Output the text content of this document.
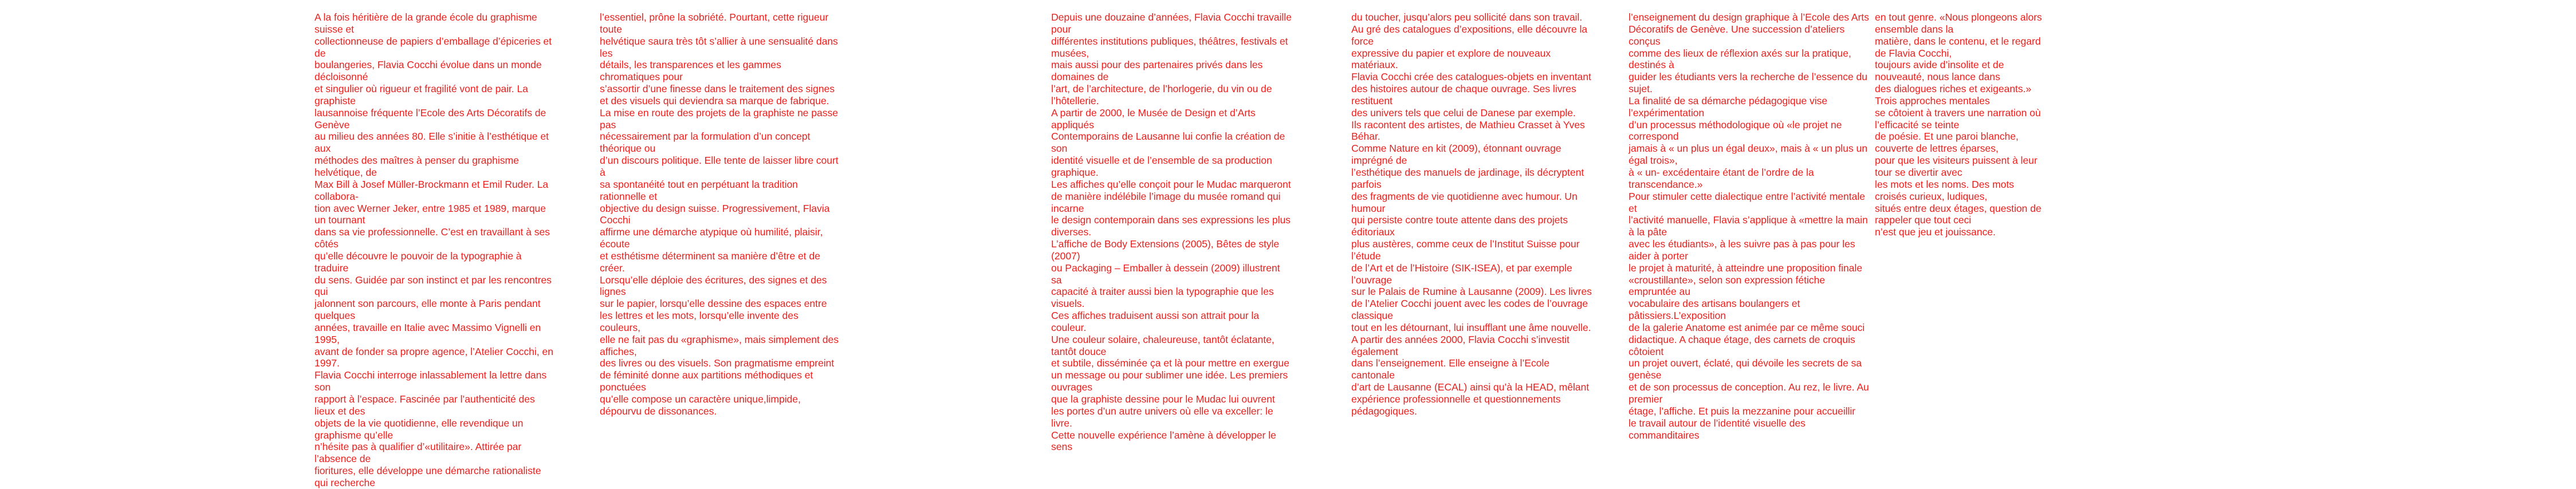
A la fois héritière de la grande école du graphisme suisse et
collectionneuse de papiers d’emballage d’épiceries et de
boulangeries, Flavia Cocchi évolue dans un monde décloisonné
et singulier où rigueur et fragilité vont de pair. La graphiste
lausannoise fréquente l’Ecole des Arts Décoratifs de Genève
au milieu des années 80. Elle s’initie à l’esthétique et aux
méthodes des maîtres à penser du graphisme helvétique, de
Max Bill à Josef Müller-Brockmann et Emil Ruder. La collabora-
tion avec Werner Jeker, entre 1985 et 1989, marque un tournant
dans sa vie professionnelle. C’est en travaillant à ses côtés
qu’elle découvre le pouvoir de la typographie à traduire
du sens. Guidée par son instinct et par les rencontres qui
jalonnent son parcours, elle monte à Paris pendant quelques
années, travaille en Italie avec Massimo Vignelli en 1995,
avant de fonder sa propre agence, l’Atelier Cocchi, en 1997.
Flavia Cocchi interroge inlassablement la lettre dans son
rapport à l’espace. Fascinée par l’authenticité des lieux et des
objets de la vie quotidienne, elle revendique un graphisme qu’elle
n’hésite pas à qualifier d’«utilitaire». Attirée par l’absence de
fioritures, elle développe une démarche rationaliste qui recherche

l’essentiel, prône la sobriété. Pourtant, cette rigueur toute
helvétique saura très tôt s’allier à une sensualité dans les
détails, les transparences et les gammes chromatiques pour
s’assortir d’une finesse dans le traitement des signes
et des visuels qui deviendra sa marque de fabrique.
La mise en route des projets de la graphiste ne passe pas
nécessairement par la formulation d’un concept théorique ou
d’un discours politique. Elle tente de laisser libre court à
sa spontanéité tout en perpétuant la tradition rationnelle et
objective du design suisse. Progressivement, Flavia Cocchi
affirme une démarche atypique où humilité, plaisir, écoute
et esthétisme déterminent sa manière d’être et de créer.
Lorsqu’elle déploie des écritures, des signes et des lignes
sur le papier, lorsqu’elle dessine des espaces entre
les lettres et les mots, lorsqu’elle invente des couleurs,
elle ne fait pas du «graphisme», mais simplement des affiches,
des livres ou des visuels. Son pragmatisme empreint
de féminité donne aux partitions méthodiques et ponctuées
qu’elle compose un caractère unique,limpide,
dépourvu de dissonances.

Depuis une douzaine d’années, Flavia Cocchi travaille pour
différentes institutions publiques, théâtres, festivals et musées,
mais aussi pour des partenaires privés dans les domaines de
l’art, de l’architecture, de l’horlogerie, du vin ou de l’hôtellerie.
A partir de 2000, le Musée de Design et d’Arts appliqués
Contemporains de Lausanne lui confie la création de son
identité visuelle et de l’ensemble de sa production graphique.
Les affiches qu’elle conçoit pour le Mudac marqueront
de manière indélébile l’image du musée romand qui incarne
le design contemporain dans ses expressions les plus diverses.
L’affiche de Body Extensions (2005), Bêtes de style (2007)
ou Packaging – Emballer à dessein (2009) illustrent sa
capacité à traiter aussi bien la typographie que les visuels.
Ces affiches traduisent aussi son attrait pour la couleur.
Une couleur solaire, chaleureuse, tantôt éclatante, tantôt douce
et subtile, disséminée ça et là pour mettre en exergue
un message ou pour sublimer une idée. Les premiers ouvrages
que la graphiste dessine pour le Mudac lui ouvrent
les portes d’un autre univers où elle va exceller: le livre.
Cette nouvelle expérience l’amène à développer le sens

du toucher, jusqu’alors peu sollicité dans son travail.
Au gré des catalogues d’expositions, elle découvre la force
expressive du papier et explore de nouveaux matériaux.
Flavia Cocchi crée des catalogues-objets en inventant
des histoires autour de chaque ouvrage. Ses livres restituent
des univers tels que celui de Danese par exemple.
Ils racontent des artistes, de Mathieu Crasset à Yves Béhar.
Comme Nature en kit (2009), étonnant ouvrage imprégné de
l’esthétique des manuels de jardinage, ils décryptent parfois
des fragments de vie quotidienne avec humour. Un humour
qui persiste contre toute attente dans des projets éditoriaux
plus austères, comme ceux de l’Institut Suisse pour l’étude
de l’Art et de l’Histoire (SIK-ISEA), et par exemple l’ouvrage
sur le Palais de Rumine à Lausanne (2009). Les livres
de l’Atelier Cocchi jouent avec les codes de l’ouvrage classique
tout en les détournant, lui insufflant une âme nouvelle.
A partir des années 2000, Flavia Cocchi s’investit également
dans l’enseignement. Elle enseigne à l’Ecole cantonale
d’art de Lausanne (ECAL) ainsi qu’à la HEAD, mêlant
expérience professionnelle et questionnements pédagogiques.

l’enseignement du design graphique à l’Ecole des Arts
Décoratifs de Genève. Une succession d’ateliers conçus
comme des lieux de réflexion axés sur la pratique, destinés à
guider les étudiants vers la recherche de l’essence du sujet.
La finalité de sa démarche pédagogique vise l’expérimentation
d’un processus méthodologique où «le projet ne correspond
jamais à « un plus un égal deux», mais à « un plus un égal trois»,
à « un- excédentaire étant de l’ordre de la transcendance.»
Pour stimuler cette dialectique entre l’activité mentale et
l’activité manuelle, Flavia s’applique à «mettre la main à la pâte
avec les étudiants», à les suivre pas à pas pour les aider à porter
le projet à maturité, à atteindre une proposition finale
«croustillante», selon son expression fétiche empruntée au
vocabulaire des artisans boulangers et pâtissiers.L’exposition
de la galerie Anatome est animée par ce même souci
didactique. A chaque étage, des carnets de croquis côtoient
un projet ouvert, éclaté, qui dévoile les secrets de sa genèse
et de son processus de conception. Au rez, le livre. Au premier
étage, l’affiche. Et puis la mezzanine pour accueillir
le travail autour de l’identité visuelle des commanditaires

en tout genre. «Nous plongeons alors ensemble dans la
matière, dans le contenu, et le regard de Flavia Cocchi,
toujours avide d’insolite et de nouveauté, nous lance dans
des dialogues riches et exigeants.» Trois approches mentales
se côtoient à travers une narration où l’efficacité se teinte
de poésie. Et une paroi blanche, couverte de lettres éparses,
pour que les visiteurs puissent à leur tour se divertir avec
les mots et les noms. Des mots croisés curieux, ludiques,
situés entre deux étages, question de rappeler que tout ceci
n’est que jeu et jouissance.
